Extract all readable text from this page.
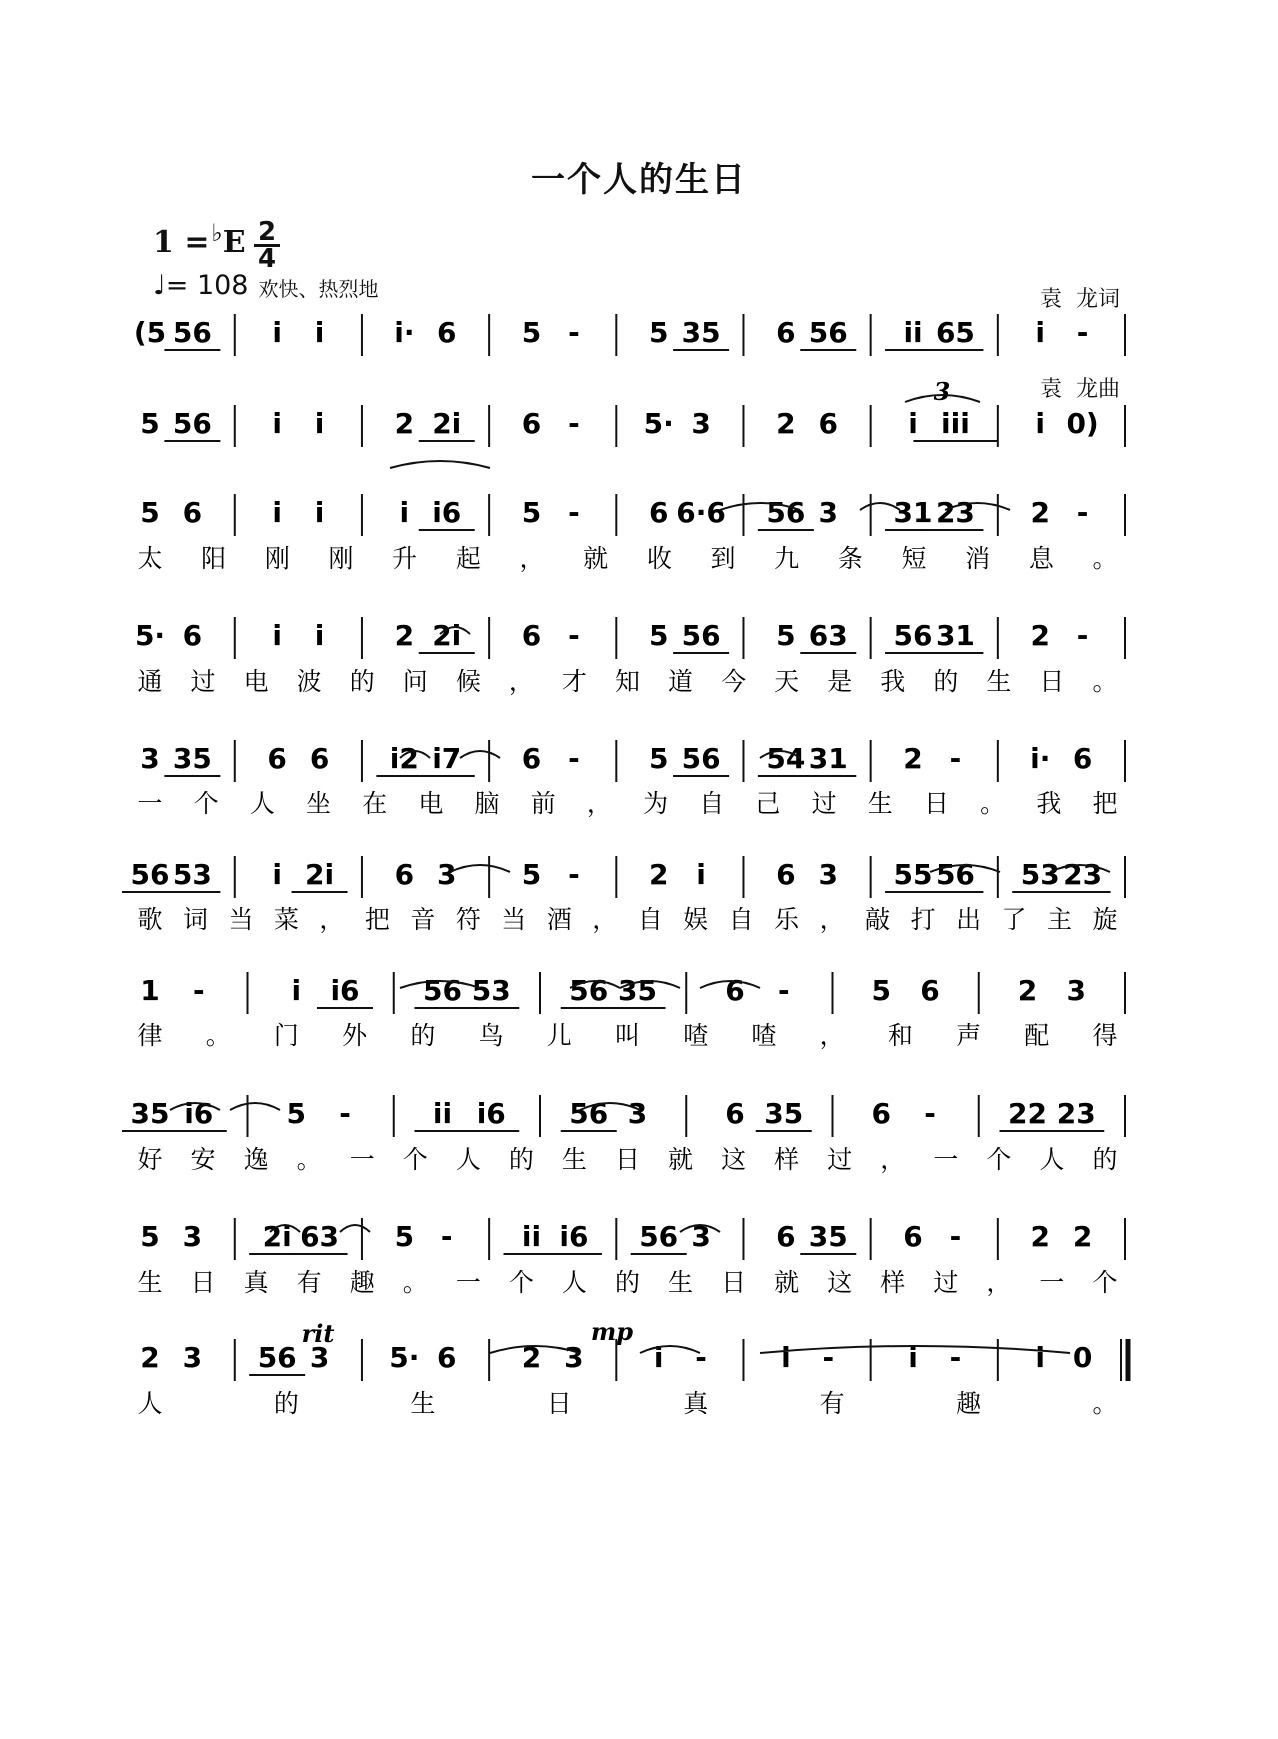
一个人的生日
1 = ♭ E 2
4
♩ = 108 欢快、热烈地

	袁  龙词

袁  龙曲

(5 56 i i i· 6 5 - 5 35 6 56 ii 65 i -
5 56 i i	2 2i 6 - 5· 3 2 6	i iii i 0)
5 6	i i	i i6 5 - 6 6·6 56 3 31 23 2 -
太 阳 刚 刚 升 起 ， 就 收 到 九 条 短 消 息 。
5· 6	i i	2 2i 6 - 5 56 5 63 56 31 2 -
通 过 电 波 的 问 候 ， 才 知 道 今 天 是 我 的 生 日 。
3 35 6 6 i2 i7 6 - 5 56 54 31 2 - i· 6
一 个 人 坐 在 电 脑 前 ， 为 自 己 过 生 日 。 我 把
56 53 i 2i 6 3 5 - 2 i	6 3 55 56 53 23
歌 词 当 菜 ， 把 音 符 当 酒 ， 自 娱 自 乐 ， 敲 打 出 了 主 旋
1 -	i i6 56 53 56 35 6 -	5 6	2 3
律 。 门 外 的 鸟 儿 叫 喳 喳 ， 和 声 配 得
35 i6	5 -	ii i6 56 3	6 35 6 -	22 23
好 安 逸 。 一 个 人 的 生 日 就 这 样 过 ， 一 个 人 的
5 3 2i 63 5 - ii i6 56 3 6 35 6 - 2 2
生 日 真 有 趣 。 一 个 人 的 生 日 就 这 样 过 ， 一 个
2 3 56 3 5· 6 2 3	i -	i -	i -	i 0
人	的	生	日	真	有	趣	。
3
rit	mp
